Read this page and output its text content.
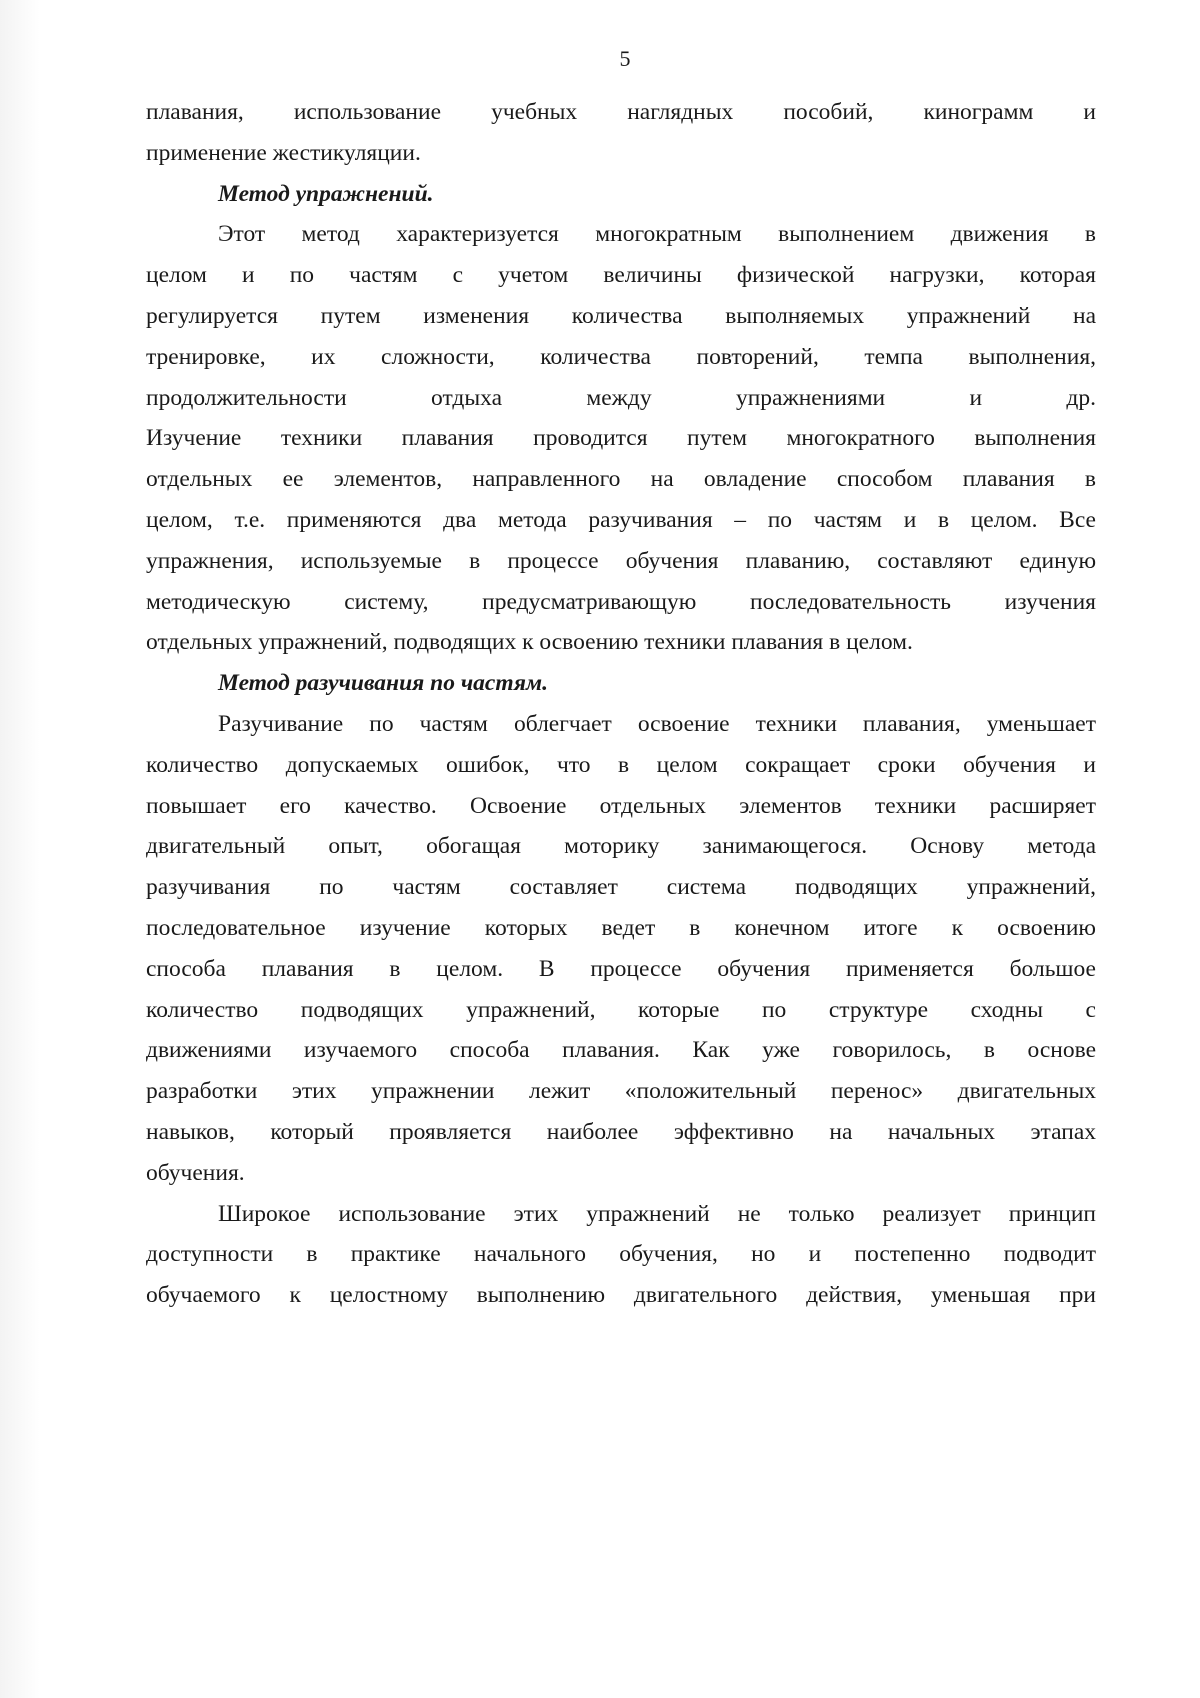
5
плавания, использование учебных наглядных пособий, кинограмм и
применение жестикуляции.
Метод упражнений.
Этот метод характеризуется многократным выполнением движения в
целом и по частям с учетом величины физической нагрузки, которая
регулируется путем изменения количества выполняемых упражнений на
тренировке, их сложности, количества повторений, темпа выполнения,
продолжительности отдыха между упражнениями и др.
Изучение техники плавания проводится путем многократного выполнения
отдельных ее элементов, направленного на овладение способом плавания в
целом, т.е. применяются два метода разучивания – по частям и в целом. Все
упражнения, используемые в процессе обучения плаванию, составляют единую
методическую систему, предусматривающую последовательность изучения
отдельных упражнений, подводящих к освоению техники плавания в целом.
Метод разучивания по частям.
Разучивание по частям облегчает освоение техники плавания, уменьшает
количество допускаемых ошибок, что в целом сокращает сроки обучения и
повышает его качество. Освоение отдельных элементов техники расширяет
двигательный опыт, обогащая моторику занимающегося. Основу метода
разучивания по частям составляет система подводящих упражнений,
последовательное изучение которых ведет в конечном итоге к освоению
способа плавания в целом. В процессе обучения применяется большое
количество подводящих упражнений, которые по структуре сходны с
движениями изучаемого способа плавания. Как уже говорилось, в основе
разработки этих упражнении лежит «положительный перенос» двигательных
навыков, который проявляется наиболее эффективно на начальных этапах
обучения.
Широкое использование этих упражнений не только реализует принцип
доступности в практике начального обучения, но и постепенно подводит
обучаемого к целостному выполнению двигательного действия, уменьшая при
